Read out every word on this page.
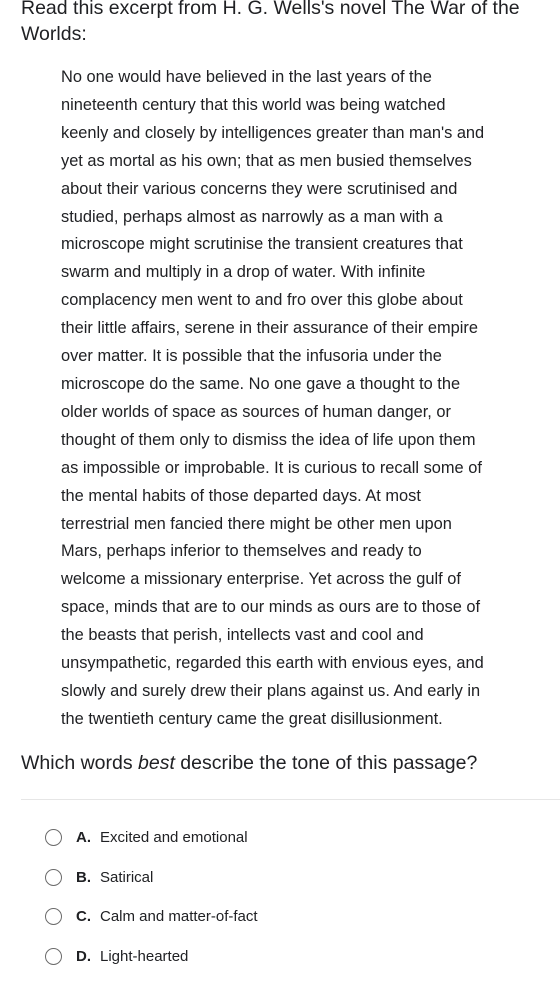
Read this excerpt from H. G. Wells's novel The War of the Worlds:
No one would have believed in the last years of the
nineteenth century that this world was being watched
keenly and closely by intelligences greater than man's and
yet as mortal as his own; that as men busied themselves
about their various concerns they were scrutinised and
studied, perhaps almost as narrowly as a man with a
microscope might scrutinise the transient creatures that
swarm and multiply in a drop of water. With infinite
complacency men went to and fro over this globe about
their little affairs, serene in their assurance of their empire
over matter. It is possible that the infusoria under the
microscope do the same. No one gave a thought to the
older worlds of space as sources of human danger, or
thought of them only to dismiss the idea of life upon them
as impossible or improbable. It is curious to recall some of
the mental habits of those departed days. At most
terrestrial men fancied there might be other men upon
Mars, perhaps inferior to themselves and ready to
welcome a missionary enterprise. Yet across the gulf of
space, minds that are to our minds as ours are to those of
the beasts that perish, intellects vast and cool and
unsympathetic, regarded this earth with envious eyes, and
slowly and surely drew their plans against us. And early in
the twentieth century came the great disillusionment.
Which words best describe the tone of this passage?
A. Excited and emotional
B. Satirical
C. Calm and matter-of-fact
D. Light-hearted
